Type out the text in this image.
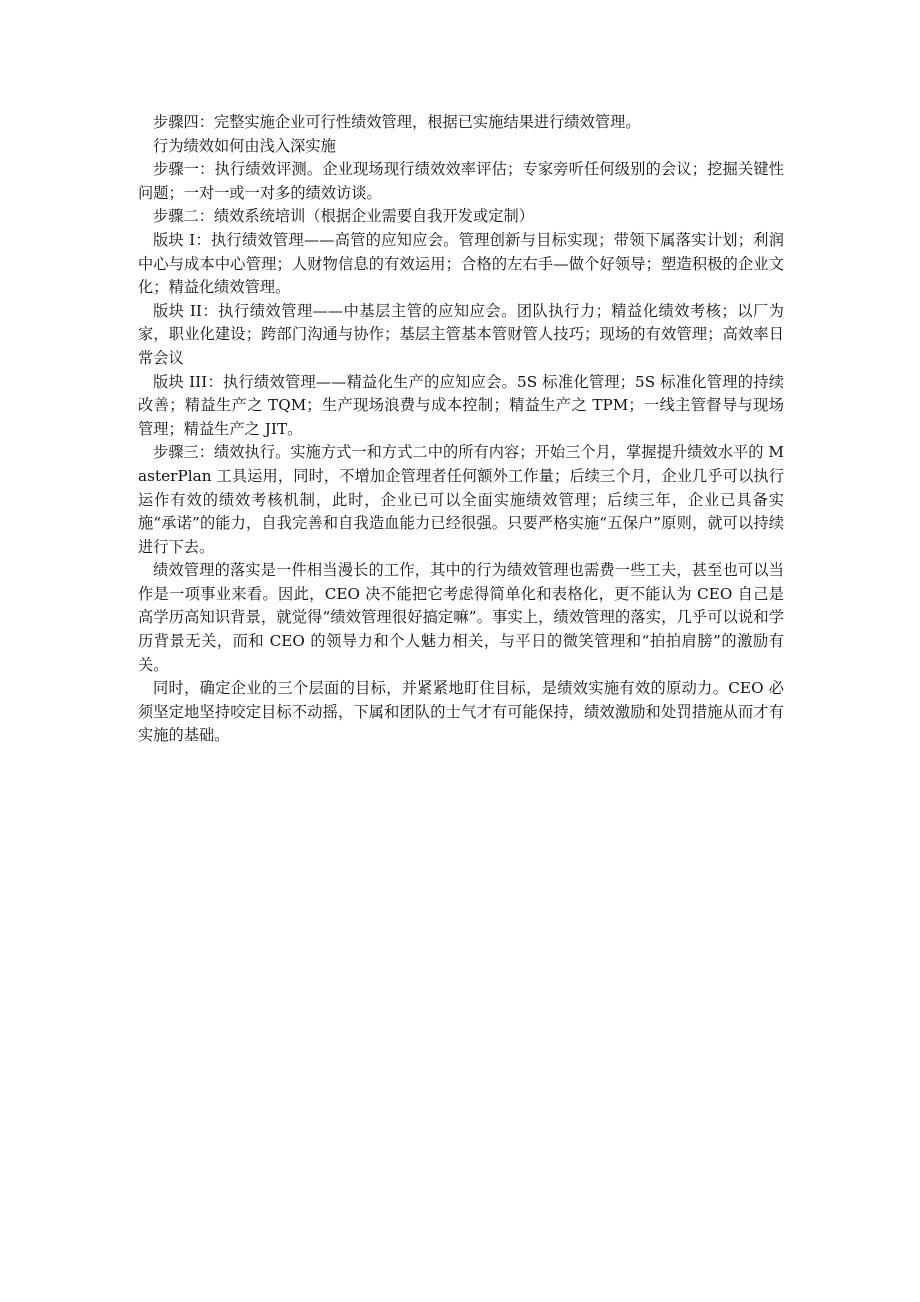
步骤四：完整实施企业可行性绩效管理，根据已实施结果进行绩效管理。

行为绩效如何由浅入深实施

步骤一：执行绩效评测。企业现场现行绩效效率评估；专家旁听任何级别的会议；挖掘关键性问题；一对一或一对多的绩效访谈。

步骤二：绩效系统培训（根据企业需要自我开发或定制）

版块 I：执行绩效管理——高管的应知应会。管理创新与目标实现；带领下属落实计划；利润中心与成本中心管理；人财物信息的有效运用；合格的左右手—做个好领导；塑造积极的企业文化；精益化绩效管理。

版块 II：执行绩效管理——中基层主管的应知应会。团队执行力；精益化绩效考核；以厂为家，职业化建设；跨部门沟通与协作；基层主管基本管财管人技巧；现场的有效管理；高效率日常会议

版块 III：执行绩效管理——精益化生产的应知应会。5S 标准化管理；5S 标准化管理的持续改善；精益生产之 TQM；生产现场浪费与成本控制；精益生产之 TPM；一线主管督导与现场管理；精益生产之 JIT。

步骤三：绩效执行。实施方式一和方式二中的所有内容；开始三个月，掌握提升绩效水平的 MasterPlan 工具运用，同时，不增加企管理者任何额外工作量；后续三个月，企业几乎可以执行运作有效的绩效考核机制，此时，企业已可以全面实施绩效管理；后续三年，企业已具备实施“承诺”的能力，自我完善和自我造血能力已经很强。只要严格实施“五保户”原则，就可以持续进行下去。

绩效管理的落实是一件相当漫长的工作，其中的行为绩效管理也需费一些工夫，甚至也可以当作是一项事业来看。因此，CEO 决不能把它考虑得简单化和表格化，更不能认为 CEO 自己是高学历高知识背景，就觉得“绩效管理很好搞定嘛”。事实上，绩效管理的落实，几乎可以说和学历背景无关，而和 CEO 的领导力和个人魅力相关，与平日的微笑管理和“拍拍肩膀”的激励有关。

同时，确定企业的三个层面的目标，并紧紧地盯住目标，是绩效实施有效的原动力。CEO 必须坚定地坚持咬定目标不动摇，下属和团队的士气才有可能保持，绩效激励和处罚措施从而才有实施的基础。
